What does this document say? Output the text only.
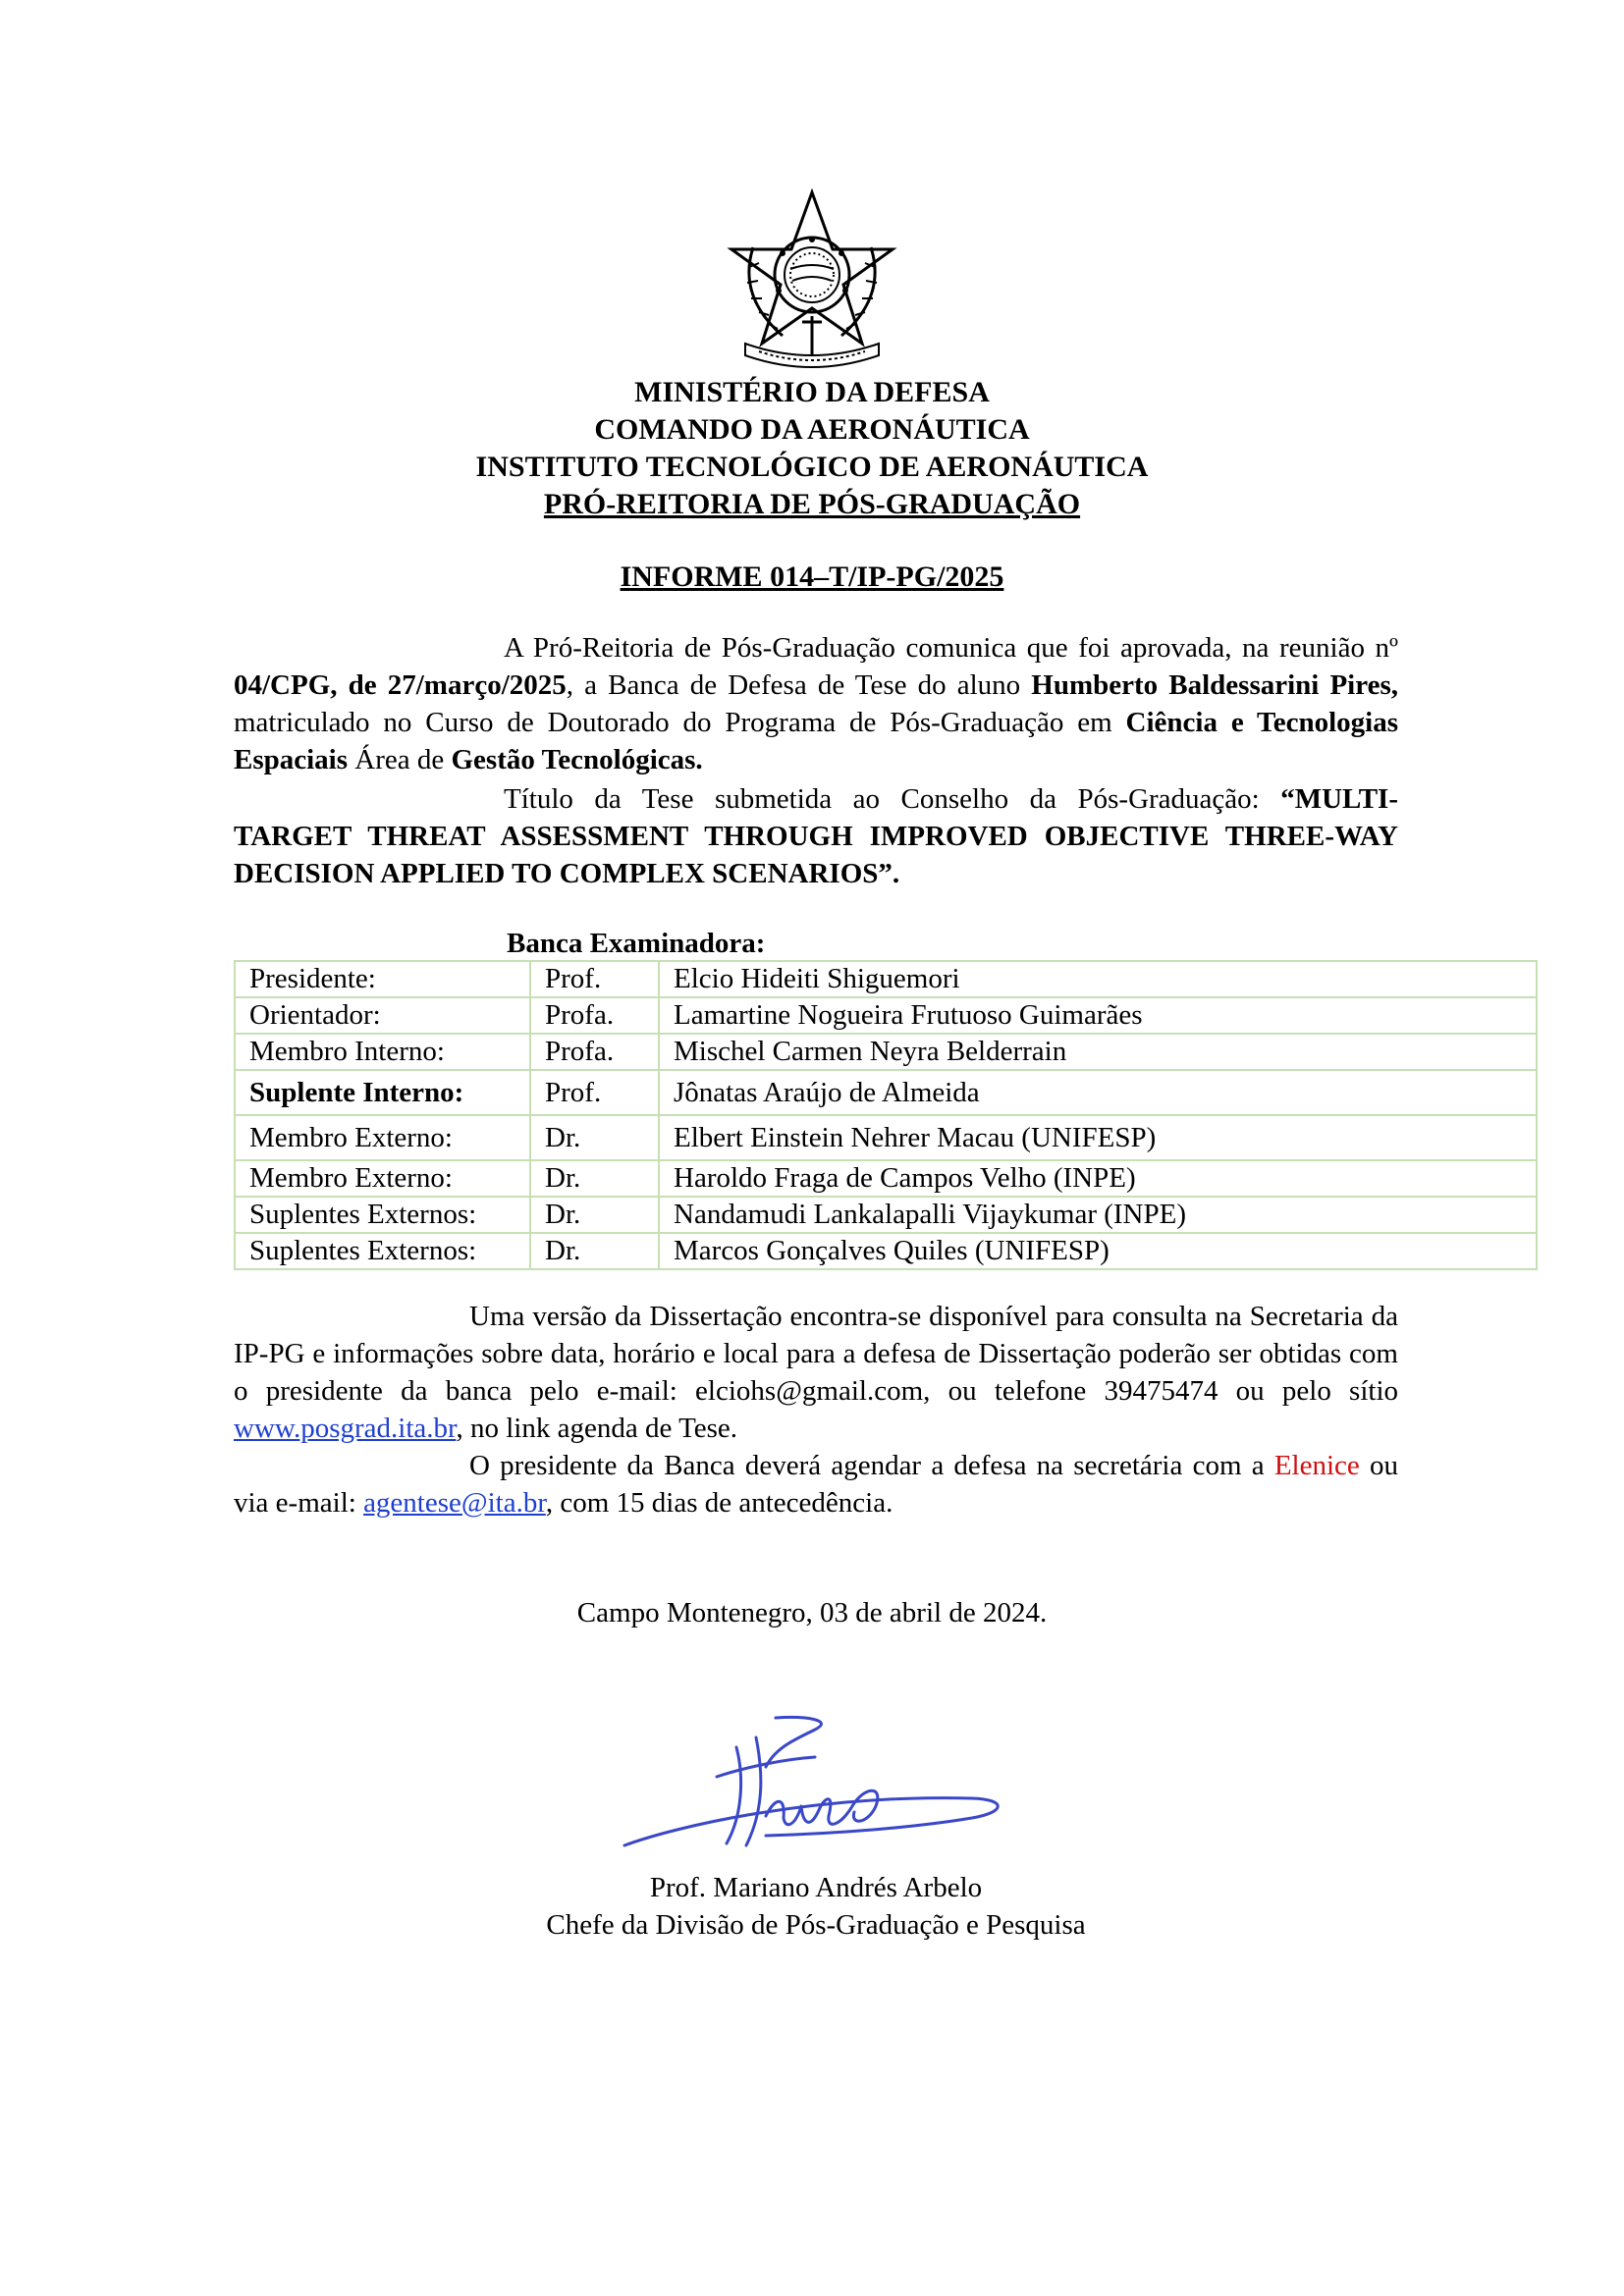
MINISTÉRIO DA DEFESA
COMANDO DA AERONÁUTICA
INSTITUTO TECNOLÓGICO DE AERONÁUTICA
PRÓ-REITORIA DE PÓS-GRADUAÇÃO
INFORME 014–T/IP-PG/2025
A Pró-Reitoria de Pós-Graduação comunica que foi aprovada, na reunião nº 04/CPG, de 27/março/2025, a Banca de Defesa de Tese do aluno Humberto Baldessarini Pires, matriculado no Curso de Doutorado do Programa de Pós-Graduação em Ciência e Tecnologias Espaciais Área de Gestão Tecnológicas.
Título da Tese submetida ao Conselho da Pós-Graduação: “MULTI-TARGET THREAT ASSESSMENT THROUGH IMPROVED OBJECTIVE THREE-WAY DECISION APPLIED TO COMPLEX SCENARIOS”.
Banca Examinadora:
Presidente:	Prof.	Elcio Hideiti Shiguemori
Orientador:	Profa.	Lamartine Nogueira Frutuoso Guimarães
Membro Interno:	Profa.	Mischel Carmen Neyra Belderrain
Suplente Interno:	Prof.	Jônatas Araújo de Almeida
Membro Externo:	Dr.	Elbert Einstein Nehrer Macau (UNIFESP)
Membro Externo:	Dr.	Haroldo Fraga de Campos Velho (INPE)
Suplentes Externos:	Dr.	Nandamudi Lankalapalli Vijaykumar (INPE)
Suplentes Externos:	Dr.	Marcos Gonçalves Quiles (UNIFESP)
Uma versão da Dissertação encontra-se disponível para consulta na Secretaria da IP-PG e informações sobre data, horário e local para a defesa de Dissertação poderão ser obtidas com o presidente da banca pelo e-mail: elciohs@gmail.com, ou telefone 39475474 ou pelo sítio www.posgrad.ita.br, no link agenda de Tese.
O presidente da Banca deverá agendar a defesa na secretária com a Elenice ou via e-mail: agentese@ita.br, com 15 dias de antecedência.
Campo Montenegro, 03 de abril de 2024.
Prof. Mariano Andrés Arbelo
Chefe da Divisão de Pós-Graduação e Pesquisa
